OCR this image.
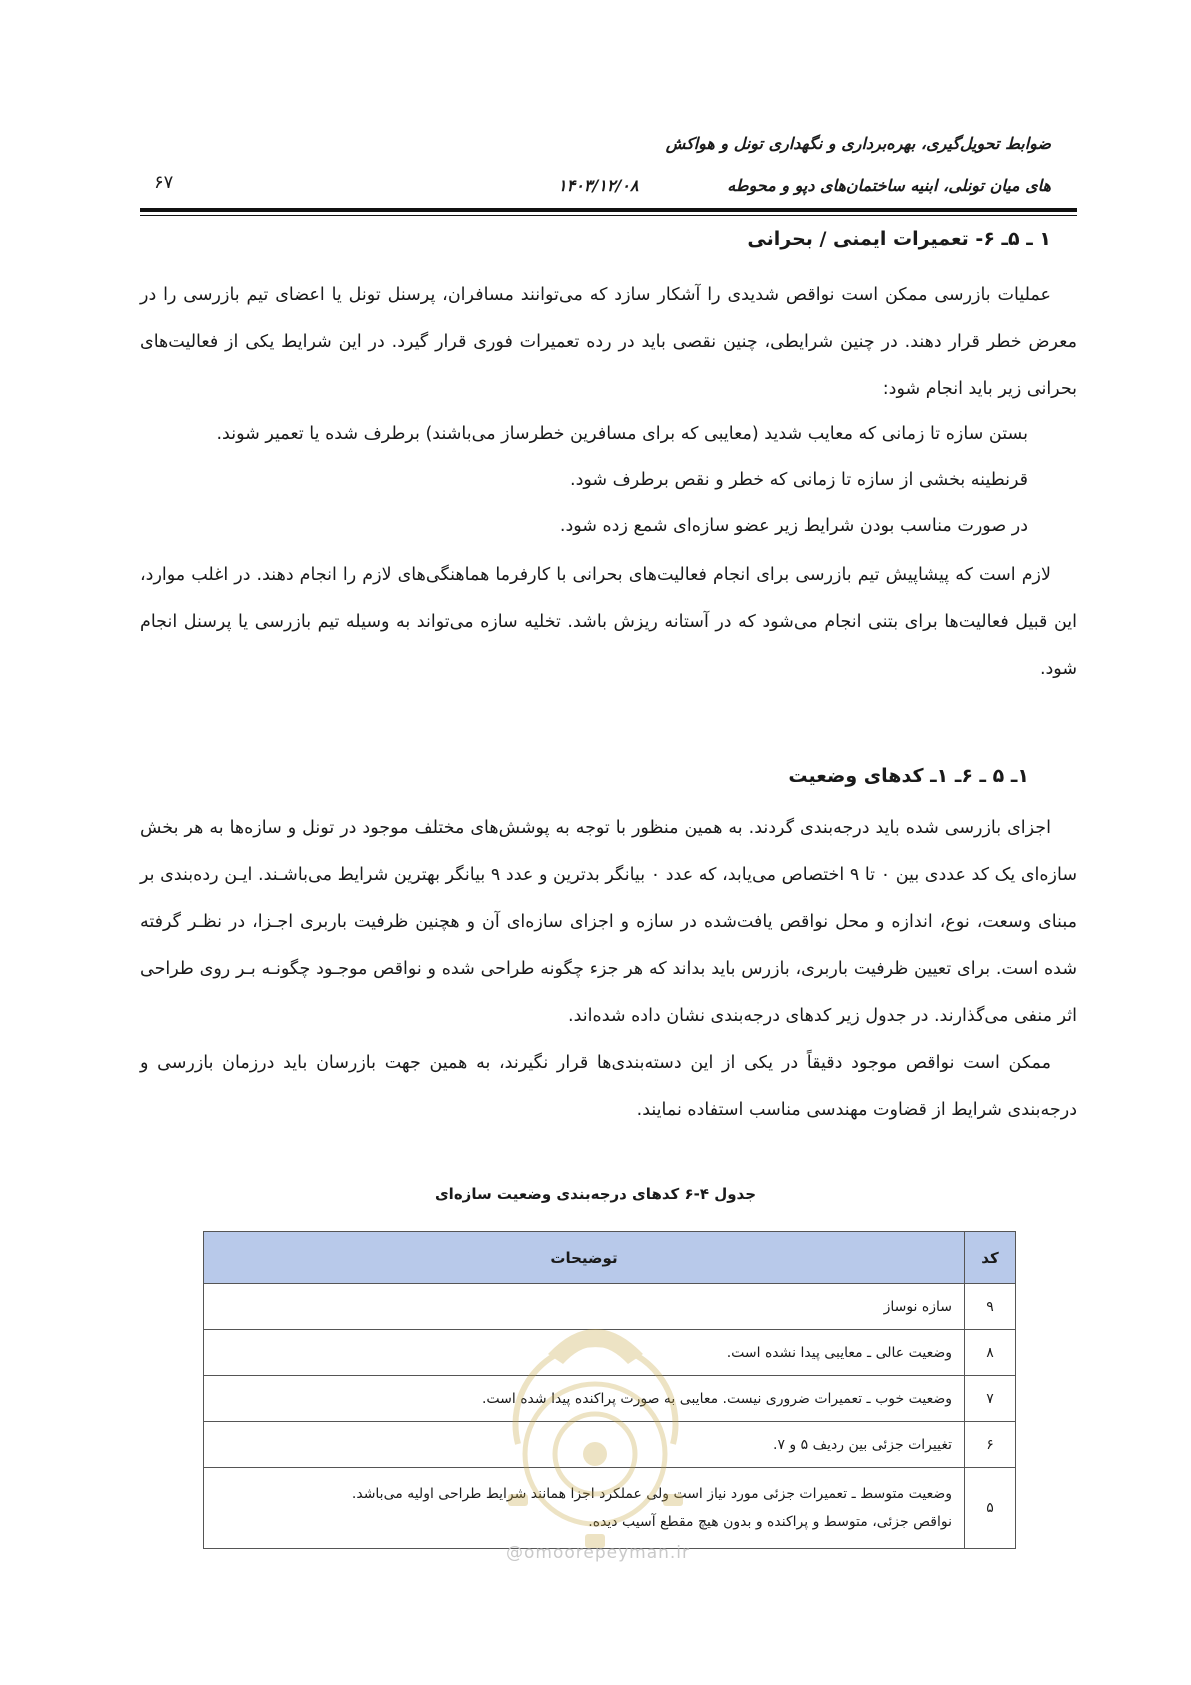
ضوابط تحویل‌گیری، بهره‌برداری و نگهداری تونل و هواکش
های میان تونلی، ابنیه ساختمان‌های دپو و محوطه
۱۴۰۳/۱۲/۰۸
۶۷
۱ ـ ۵ـ ۶- تعمیرات ایمنی / بحرانی

عملیات بازرسی ممکن است نواقص شدیدی را آشکار سازد که می‌توانند مسافران، پرسنل تونل یا اعضای تیم بازرسی را در معرض خطر قرار دهند. در چنین شرایطی، چنین نقصی باید در رده تعمیرات فوری قرار گیرد. در این شرایط یکی از فعالیت‌های بحرانی زیر باید انجام شود:

بستن سازه تا زمانی که معایب شدید (معایبی که برای مسافرین خطرساز می‌باشند) برطرف شده یا تعمیر شوند.
قرنطینه بخشی از سازه تا زمانی که خطر و نقص برطرف شود.
در صورت مناسب بودن شرایط زیر عضو سازه‌ای شمع زده شود.

لازم است که پیشاپیش تیم بازرسی برای انجام فعالیت‌های بحرانی با کارفرما هماهنگی‌های لازم را انجام دهند. در اغلب موارد، این قبیل فعالیت‌ها برای بتنی انجام می‌شود که در آستانه ریزش باشد. تخلیه سازه می‌تواند به وسیله تیم بازرسی یا پرسنل انجام شود.

۱ـ ۵ ـ ۶ـ ۱ـ کدهای وضعیت

اجزای بازرسی شده باید درجه‌بندی گردند. به همین منظور با توجه به پوشش‌های مختلف موجود در تونل و سازه‌ها به هر بخش سازه‌ای یک کد عددی بین ۰ تا ۹ اختصاص می‌یابد، که عدد ۰ بیانگر بدترین و عدد ۹ بیانگر بهترین شرایط می‌باشـند. ایـن رده‌بندی بر مبنای وسعت، نوع، اندازه و محل نواقص یافت‌شده در سازه و اجزای سازه‌ای آن و هچنین ظرفیت باربری اجـزا، در نظـر گرفته شده است. برای تعیین ظرفیت باربری، بازرس باید بداند که هر جزء چگونه طراحی شده و نواقص موجـود چگونـه بـر روی طراحی اثر منفی می‌گذارند. در جدول زیر کدهای درجه‌بندی نشان داده شده‌اند.

ممکن است نواقص موجود دقیقاً در یکی از این دسته‌بندی‌ها قرار نگیرند، به همین جهت بازرسان باید درزمان بازرسی و درجه‌بندی شرایط از قضاوت مهندسی مناسب استفاده نمایند.

جدول ۴-۶ کدهای درجه‌بندی وضعیت سازه‌ای
کد	توضیحات
۹	سازه نوساز
۸	وضعیت عالی ـ معایبی پیدا نشده است.
۷	وضعیت خوب ـ تعمیرات ضروری نیست. معایبی به صورت پراکنده پیدا شده است.
۶	تغییرات جزئی بین ردیف ۵ و ۷.
۵	وضعیت متوسط ـ تعمیرات جزئی مورد نیاز است ولی عملکرد اجزا همانند شرایط طراحی اولیه می‌باشد.
نواقص جزئی، متوسط و پراکنده و بدون هیچ مقطع آسیب دیده.
@omoorepeyman.ir
